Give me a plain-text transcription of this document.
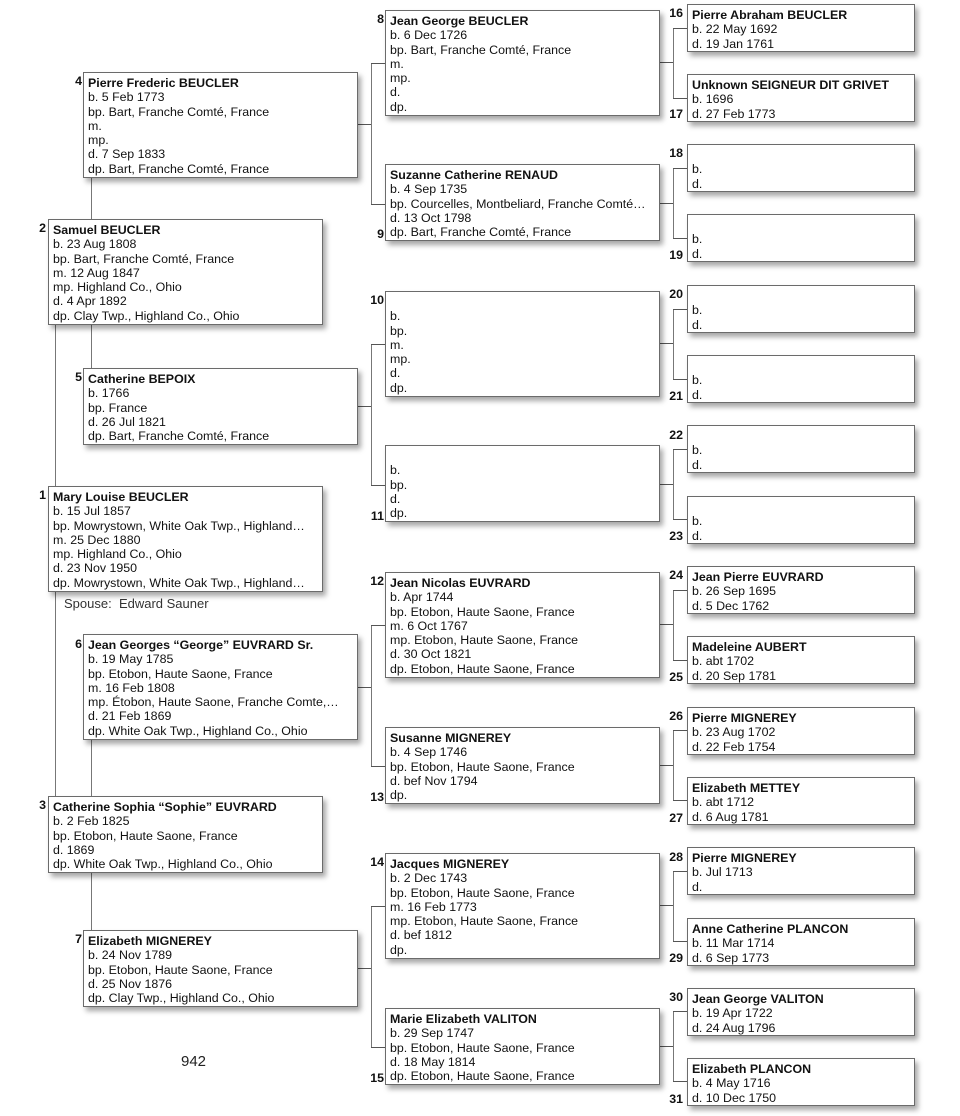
1 Mary Louise BEUCLER
b. 15 Jul 1857
bp. Mowrystown, White Oak Twp., Highland…
m. 25 Dec 1880
mp. Highland Co., Ohio
d. 23 Nov 1950
dp. Mowrystown, White Oak Twp., Highland…
Spouse: Edward Sauner
2 Samuel BEUCLER
b. 23 Aug 1808
bp. Bart, Franche Comté, France
m. 12 Aug 1847
mp. Highland Co., Ohio
d. 4 Apr 1892
dp. Clay Twp., Highland Co., Ohio
3 Catherine Sophia “Sophie” EUVRARD
b. 2 Feb 1825
bp. Etobon, Haute Saone, France
d. 1869
dp. White Oak Twp., Highland Co., Ohio
4 Pierre Frederic BEUCLER
b. 5 Feb 1773
bp. Bart, Franche Comté, France
m.
mp.
d. 7 Sep 1833
dp. Bart, Franche Comté, France
5 Catherine BEPOIX
b. 1766
bp. France
d. 26 Jul 1821
dp. Bart, Franche Comté, France
6 Jean Georges “George” EUVRARD Sr.
b. 19 May 1785
bp. Etobon, Haute Saone, France
m. 16 Feb 1808
mp. Étobon, Haute Saone, Franche Comte,…
d. 21 Feb 1869
dp. White Oak Twp., Highland Co., Ohio
7 Elizabeth MIGNEREY
b. 24 Nov 1789
bp. Etobon, Haute Saone, France
d. 25 Nov 1876
dp. Clay Twp., Highland Co., Ohio
8 Jean George BEUCLER
b. 6 Dec 1726
bp. Bart, Franche Comté, France
m.
mp.
d.
dp.
9
Suzanne Catherine RENAUD
b. 4 Sep 1735
bp. Courcelles, Montbeliard, Franche Comté…
d. 13 Oct 1798
dp. Bart, Franche Comté, France
10
b.
bp.
m.
mp.
d.
dp.
11
b.
bp.
d.
dp.
12 Jean Nicolas EUVRARD
b. Apr 1744
bp. Etobon, Haute Saone, France
m. 6 Oct 1767
mp. Etobon, Haute Saone, France
d. 30 Oct 1821
dp. Etobon, Haute Saone, France
13
Susanne MIGNEREY
b. 4 Sep 1746
bp. Etobon, Haute Saone, France
d. bef Nov 1794
dp.
14 Jacques MIGNEREY
b. 2 Dec 1743
bp. Etobon, Haute Saone, France
m. 16 Feb 1773
mp. Etobon, Haute Saone, France
d. bef 1812
dp.
15
Marie Elizabeth VALITON
b. 29 Sep 1747
bp. Etobon, Haute Saone, France
d. 18 May 1814
dp. Etobon, Haute Saone, France
16 Pierre Abraham BEUCLER
b. 22 May 1692
d. 19 Jan 1761
17
Unknown SEIGNEUR DIT GRIVET
b. 1696
d. 27 Feb 1773
18
b.
d.
19
b.
d.
20
b.
d.
21
b.
d.
22
b.
d.
23
b.
d.
24 Jean Pierre EUVRARD
b. 26 Sep 1695
d. 5 Dec 1762
25
Madeleine AUBERT
b. abt 1702
d. 20 Sep 1781
26 Pierre MIGNEREY
b. 23 Aug 1702
d. 22 Feb 1754
27
Elizabeth METTEY
b. abt 1712
d. 6 Aug 1781
28 Pierre MIGNEREY
b. Jul 1713
d.
29
Anne Catherine PLANCON
b. 11 Mar 1714
d. 6 Sep 1773
30 Jean George VALITON
b. 19 Apr 1722
d. 24 Aug 1796
31
Elizabeth PLANCON
b. 4 May 1716
d. 10 Dec 1750
942
